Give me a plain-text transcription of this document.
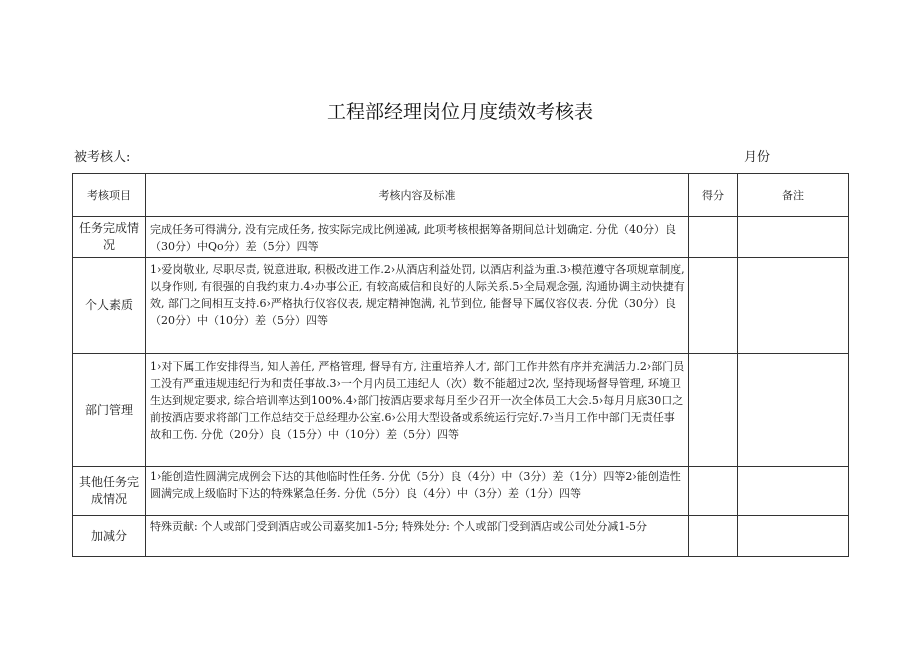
工程部经理岗位月度绩效考核表
被考核人:	月份
考核项目	考核内容及标准	得分	备注
任务完成情况	完成任务可得满分, 没有完成任务, 按实际完成比例递减, 此项考核根据筹备期间总计划确定. 分优（40分）良（30分）中Qo分）差（5分）四等		

个人素质	1›爱岗敬业, 尽职尽责, 锐意进取, 积极改进工作.2›从酒店利益处罚, 以酒店利益为重.3›模范遵守各项规章制度, 以身作则, 有很强的自我约束力.4›办事公正, 有较高威信和良好的人际关系.5›全局观念强, 沟通协调主动快捷有效, 部门之间相互支持.6›严格执行仪容仪表, 规定精神饱满, 礼节到位, 能督导下属仪容仪表. 分优（30分）良（20分）中（10分）差（5分）四等		

部门管理	1›对下属工作安排得当, 知人善任, 严格管理, 督导有方, 注重培养人才, 部门工作井然有序并充满活力.2›部门员工没有严重违规违纪行为和责任事故.3›一个月内员工违纪人（次）数不能超过2次, 坚持现场督导管理, 环境卫生达到规定要求, 综合培训率达到100%.4›部门按酒店要求每月至少召开一次全体员工大会.5›每月月底30口之前按酒店要求将部门工作总结交于总经理办公室.6›公用大型设备或系统运行完好.7›当月工作中部门无责任事故和工伤. 分优（20分）良（15分）中（10分）差（5分）四等		

其他任务完成情况	1›能创造性圆满完成例会下达的其他临时性任务. 分优（5分）良（4分）中（3分）差（1分）四等2›能创造性圆满完成上级临时下达的特殊紧急任务. 分优（5分）良（4分）中（3分）差（1分）四等		

加减分	特殊贡献: 个人或部门受到酒店或公司嘉奖加1-5分; 特殊处分: 个人或部门受到酒店或公司处分减1-5分		
